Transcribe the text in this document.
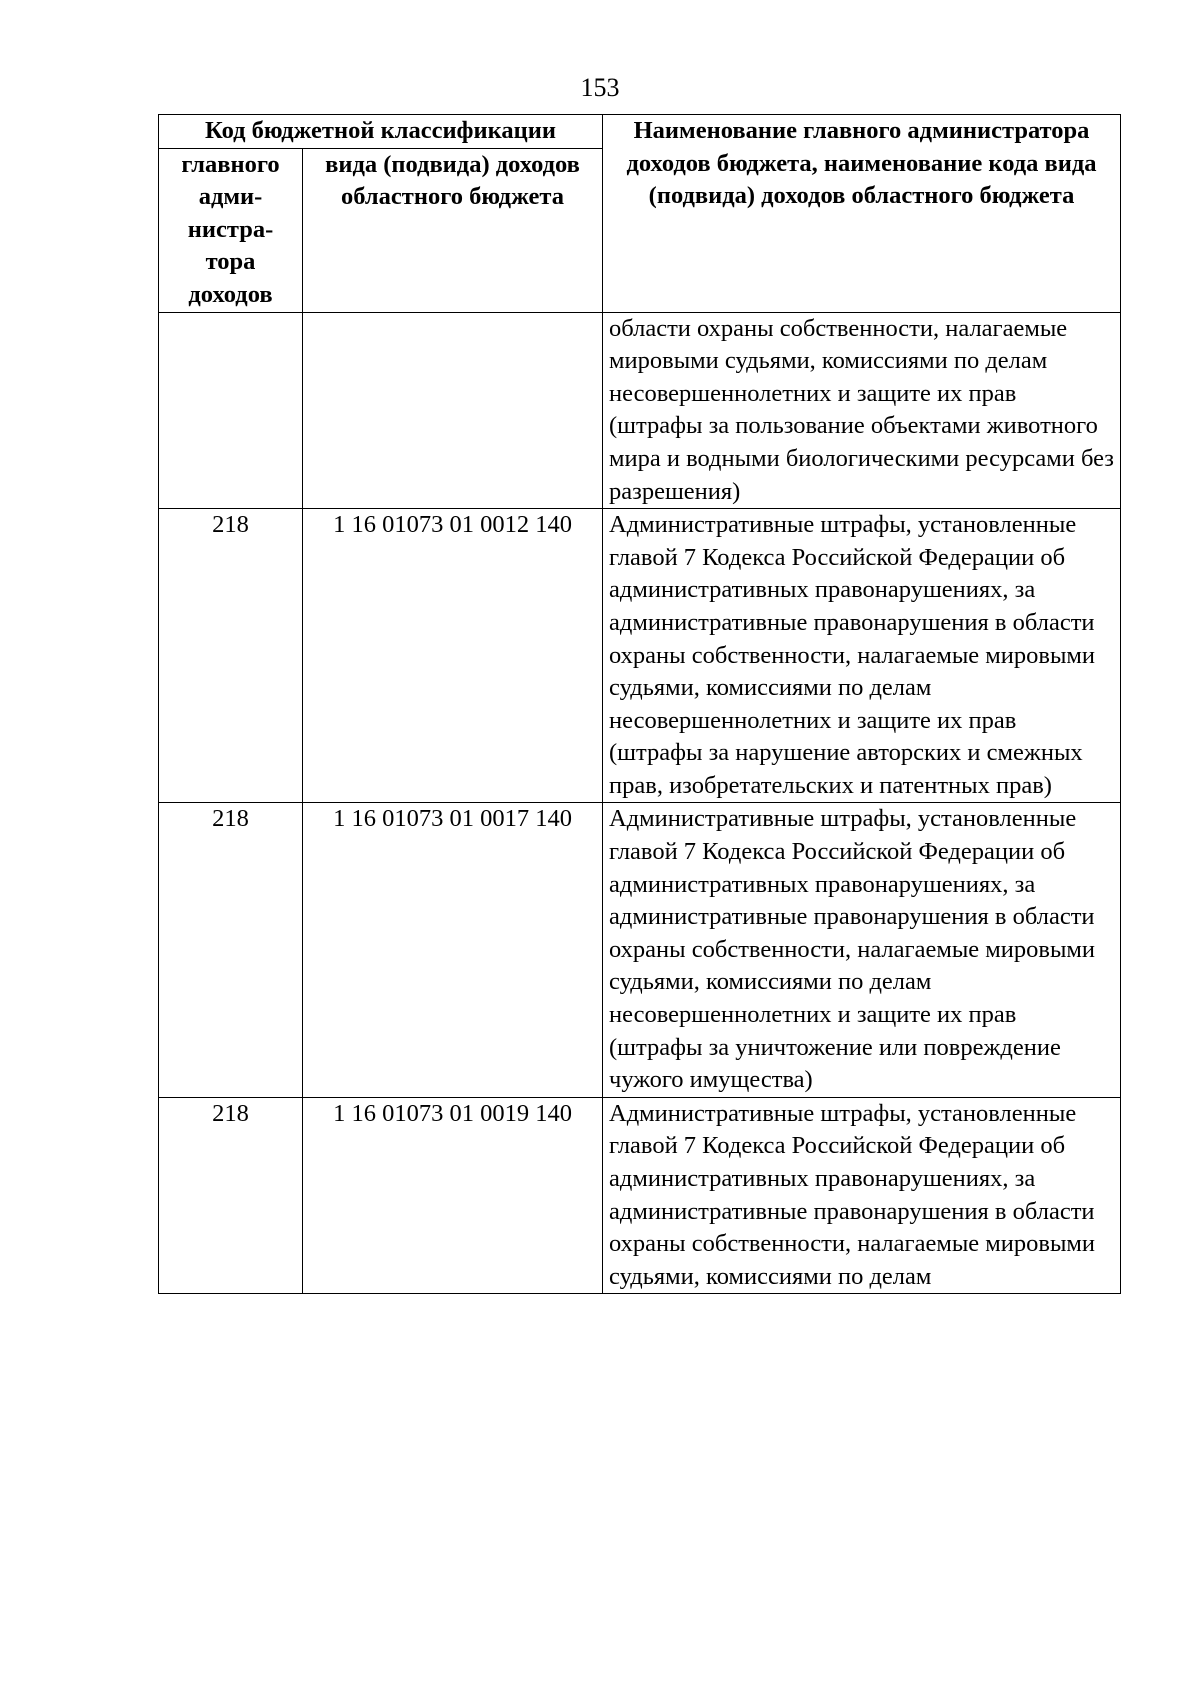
153
Код бюджетной классификации		Наименование главного администратора доходов бюджета, наименование кода вида (подвида) доходов областного бюджета
главного адми-нистра-тора доходов	вида (подвида) доходов областного бюджета	
		области охраны собственности, налагаемые мировыми судьями, комиссиями по делам несовершеннолетних и защите их прав (штрафы за пользование объектами животного мира и водными биологическими ресурсами без разрешения)
218	1 16 01073 01 0012 140	Административные штрафы, установленные главой 7 Кодекса Российской Федерации об административных правонарушениях, за административные правонарушения в области охраны собственности, налагаемые мировыми судьями, комиссиями по делам несовершеннолетних и защите их прав (штрафы за нарушение авторских и смежных прав, изобретательских и патентных прав)
218	1 16 01073 01 0017 140	Административные штрафы, установленные главой 7 Кодекса Российской Федерации об административных правонарушениях, за административные правонарушения в области охраны собственности, налагаемые мировыми судьями, комиссиями по делам несовершеннолетних и защите их прав (штрафы за уничтожение или повреждение чужого имущества)
218	1 16 01073 01 0019 140	Административные штрафы, установленные главой 7 Кодекса Российской Федерации об административных правонарушениях, за административные правонарушения в области охраны собственности, налагаемые мировыми судьями, комиссиями по делам
